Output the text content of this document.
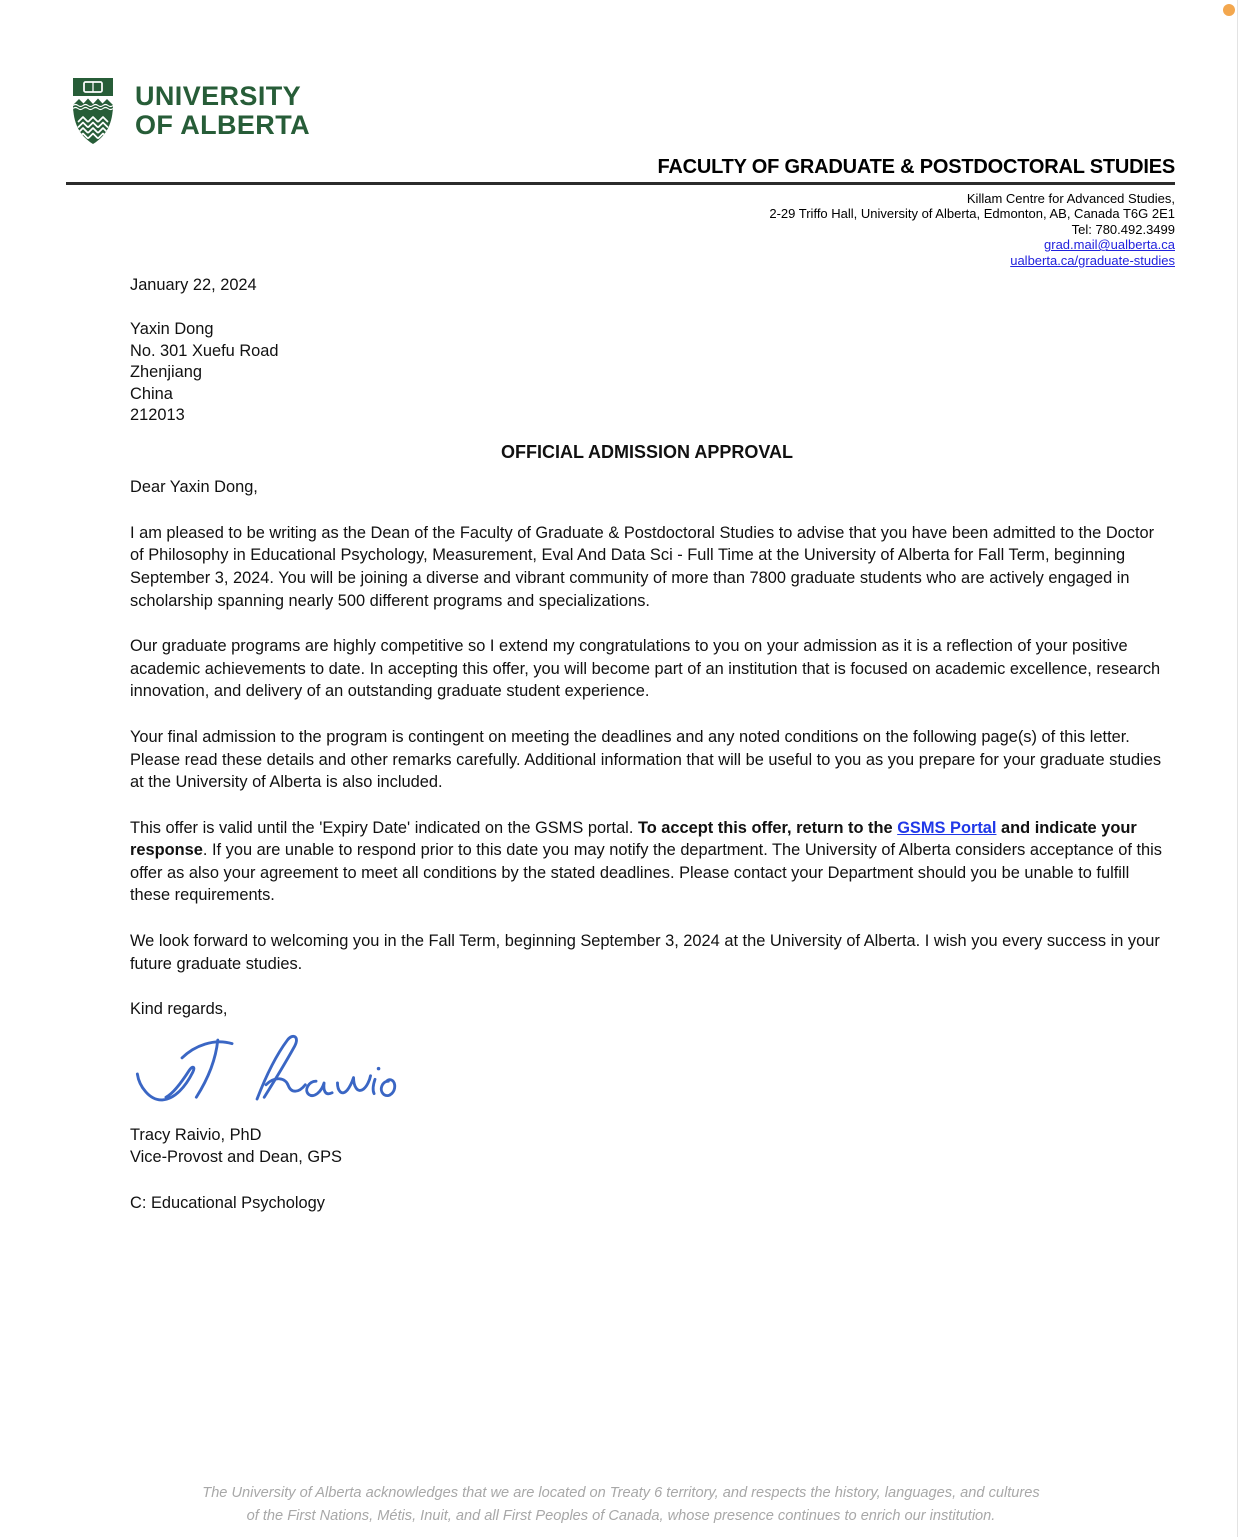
UNIVERSITY
OF ALBERTA
FACULTY OF GRADUATE & POSTDOCTORAL STUDIES
Killam Centre for Advanced Studies,
2-29 Triffo Hall, University of Alberta, Edmonton, AB, Canada T6G 2E1
Tel: 780.492.3499
grad.mail@ualberta.ca
ualberta.ca/graduate-studies

January 22, 2024

Yaxin Dong
No. 301 Xuefu Road
Zhenjiang
China
212013

OFFICIAL ADMISSION APPROVAL

Dear Yaxin Dong,

I am pleased to be writing as the Dean of the Faculty of Graduate & Postdoctoral Studies to advise that you have been admitted to the Doctor of Philosophy in Educational Psychology, Measurement, Eval And Data Sci - Full Time at the University of Alberta for Fall Term, beginning September 3, 2024. You will be joining a diverse and vibrant community of more than 7800 graduate students who are actively engaged in scholarship spanning nearly 500 different programs and specializations.

Our graduate programs are highly competitive so I extend my congratulations to you on your admission as it is a reflection of your positive academic achievements to date. In accepting this offer, you will become part of an institution that is focused on academic excellence, research innovation, and delivery of an outstanding graduate student experience.

Your final admission to the program is contingent on meeting the deadlines and any noted conditions on the following page(s) of this letter. Please read these details and other remarks carefully. Additional information that will be useful to you as you prepare for your graduate studies at the University of Alberta is also included.

This offer is valid until the 'Expiry Date' indicated on the GSMS portal. To accept this offer, return to the GSMS Portal and indicate your response. If you are unable to respond prior to this date you may notify the department. The University of Alberta considers acceptance of this offer as also your agreement to meet all conditions by the stated deadlines. Please contact your Department should you be unable to fulfill these requirements.

We look forward to welcoming you in the Fall Term, beginning September 3, 2024 at the University of Alberta. I wish you every success in your future graduate studies.

Kind regards,

Tracy Raivio, PhD
Vice-Provost and Dean, GPS

C: Educational Psychology

The University of Alberta acknowledges that we are located on Treaty 6 territory, and respects the history, languages, and cultures
of the First Nations, Métis, Inuit, and all First Peoples of Canada, whose presence continues to enrich our institution.
